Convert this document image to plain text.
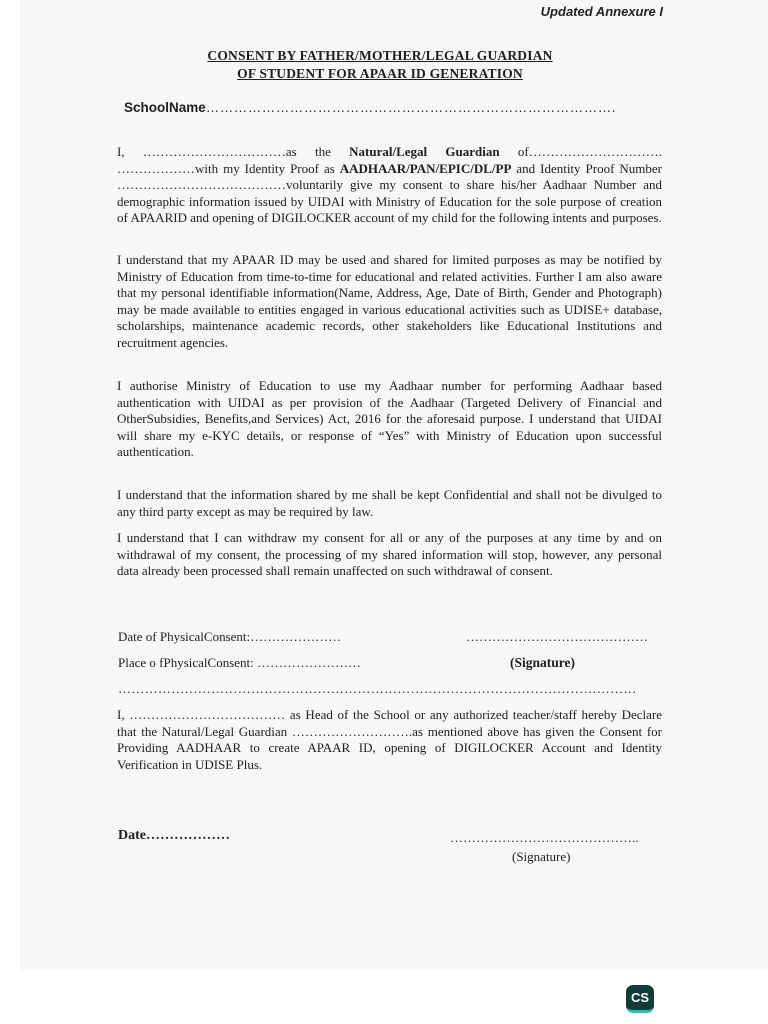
Updated Annexure I
CONSENT BY FATHER/MOTHER/LEGAL GUARDIAN
OF STUDENT FOR APAAR ID GENERATION
SchoolName…………………………………………………………………………….
I, ……………………………as the Natural/Legal Guardian of…………………………. ………………with my Identity Proof as AADHAAR/PAN/EPIC/DL/PP and Identity Proof Number …………………………………voluntarily give my consent to share his/her Aadhaar Number and demographic information issued by UIDAI with Ministry of Education for the sole purpose of creation of APAARID and opening of DIGILOCKER account of my child for the following intents and purposes.
I understand that my APAAR ID may be used and shared for limited purposes as may be notified by Ministry of Education from time-to-time for educational and related activities. Further I am also aware that my personal identifiable information(Name, Address, Age, Date of Birth, Gender and Photograph) may be made available to entities engaged in various educational activities such as UDISE+ database, scholarships, maintenance academic records, other stakeholders like Educational Institutions and recruitment agencies.
I authorise Ministry of Education to use my Aadhaar number for performing Aadhaar based authentication with UIDAI as per provision of the Aadhaar (Targeted Delivery of Financial and OtherSubsidies, Benefits,and Services) Act, 2016 for the aforesaid purpose. I understand that UIDAI will share my e-KYC details, or response of “Yes” with Ministry of Education upon successful authentication.
I understand that the information shared by me shall be kept Confidential and shall not be divulged to any third party except as may be required by law.
I understand that I can withdraw my consent for all or any of the purposes at any time by and on withdrawal of my consent, the processing of my shared information will stop, however, any personal data already been processed shall remain unaffected on such withdrawal of consent.
Date of PhysicalConsent:…………………
Place o fPhysicalConsent: ……………………
……………………………………
(Signature)
………………………………………………………………………………………………………
I, ……………………………… as Head of the School or any authorized teacher/staff hereby Declare that the Natural/Legal Guardian ……………………….as mentioned above has given the Consent for Providing AADHAAR to create APAAR ID, opening of DIGILOCKER Account and Identity Verification in UDISE Plus.
Date………………	……………………………………..
(Signature)
CS
